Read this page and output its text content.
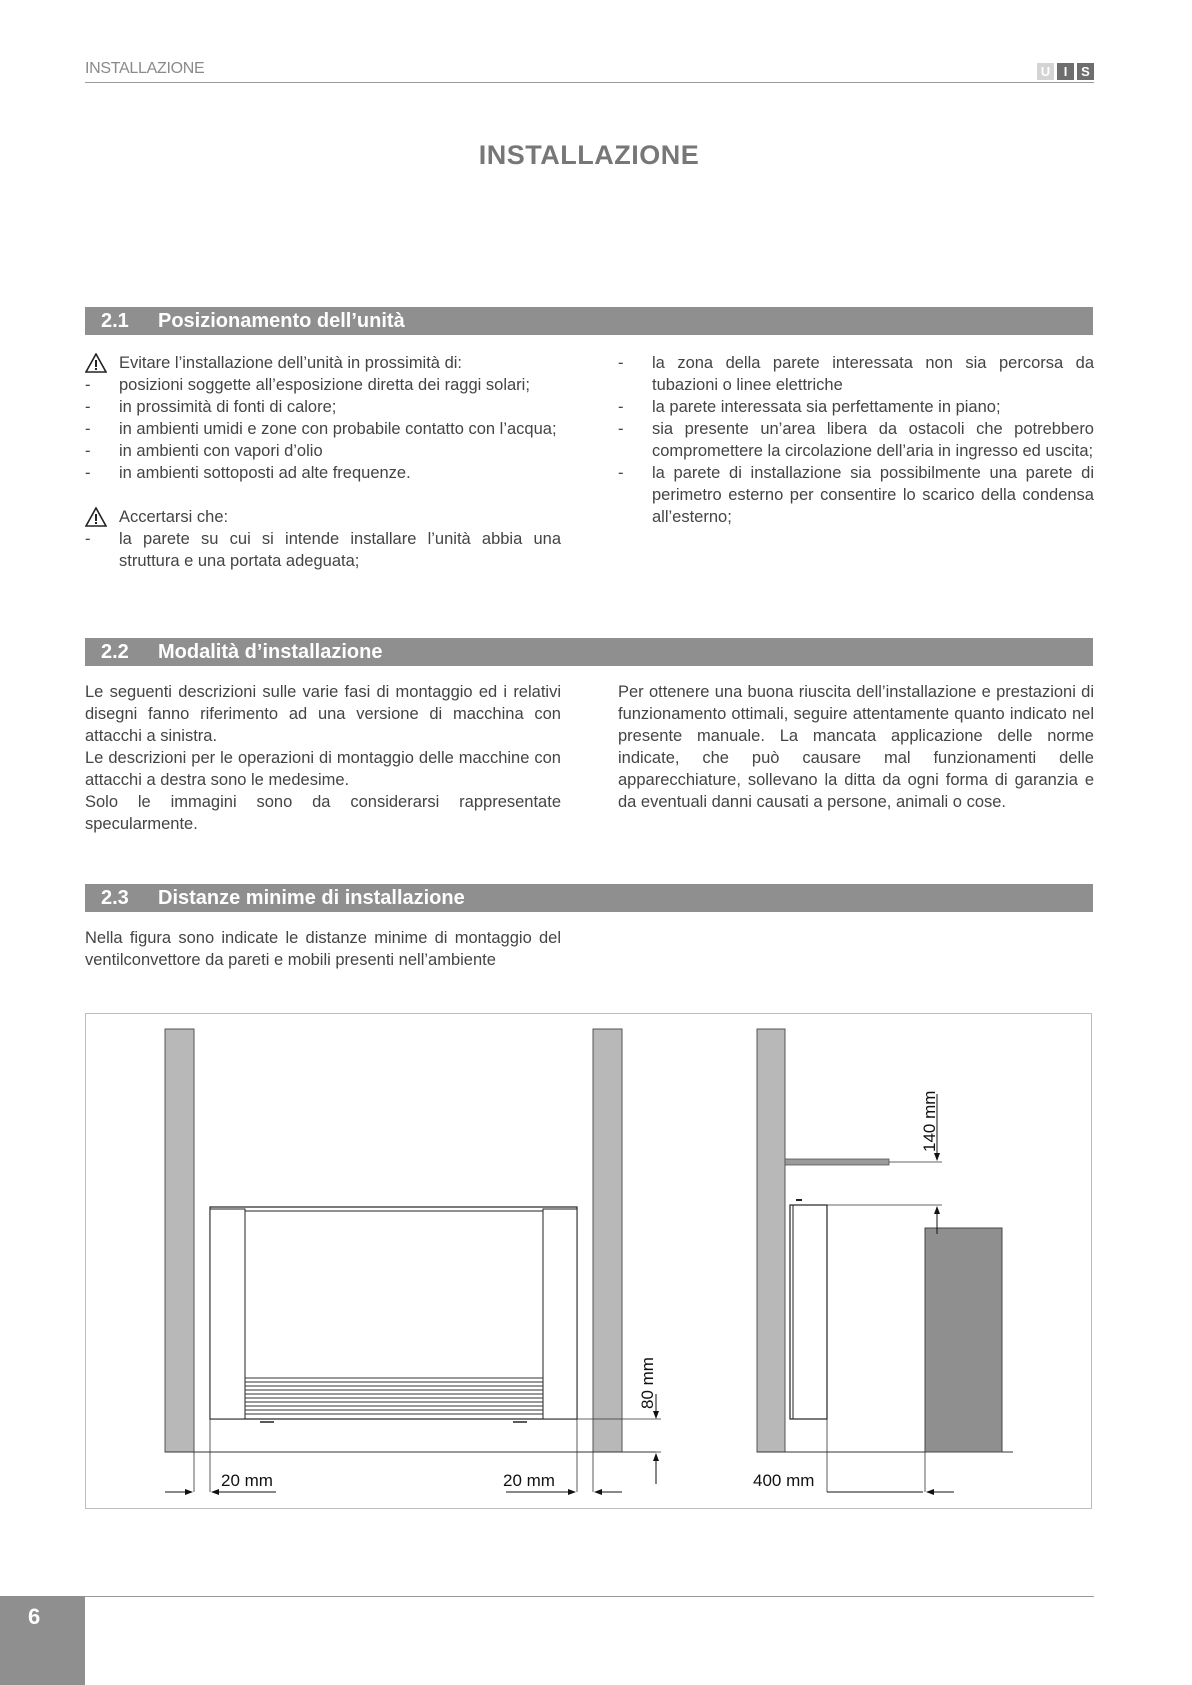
INSTALLAZIONE	U I S
INSTALLAZIONE
2.1 Posizionamento dell’unità
Evitare l’installazione dell’unità in prossimità di:
- posizioni soggette all’esposizione diretta dei raggi solari;
- in prossimità di fonti di calore;
- in ambienti umidi e zone con probabile contatto con l’acqua;
- in ambienti con vapori d’olio
- in ambienti sottoposti ad alte frequenze.
Accertarsi che:
- la parete su cui si intende installare l’unità abbia una struttura e una portata adeguata;
- la zona della parete interessata non sia percorsa da tubazioni o linee elettriche
- la parete interessata sia perfettamente in piano;
- sia presente un’area libera da ostacoli che potrebbero compromettere la circolazione dell’aria in ingresso ed uscita;
- la parete di installazione sia possibilmente una parete di perimetro esterno per consentire lo scarico della condensa all’esterno;
2.2 Modalità d’installazione

Le seguenti descrizioni sulle varie fasi di montaggio ed i relativi disegni fanno riferimento ad una versione di macchina con attacchi a sinistra.

Le descrizioni per le operazioni di montaggio delle macchine con attacchi a destra sono le medesime.

Solo le immagini sono da considerarsi rappresentate specularmente.

Per ottenere una buona riuscita dell’installazione e prestazioni di funzionamento ottimali, seguire attentamente quanto indicato nel presente manuale. La mancata applicazione delle norme indicate, che può causare mal funzionamenti delle apparecchiature, sollevano la ditta da ogni forma di garanzia e da eventuali danni causati a persone, animali o cose.

2.3 Distanze minime di installazione

Nella figura sono indicate le distanze minime di montaggio del ventilconvettore da pareti e mobili presenti nell’ambiente

80 mm
20 mm	20 mm
140 mm
400 mm
6
